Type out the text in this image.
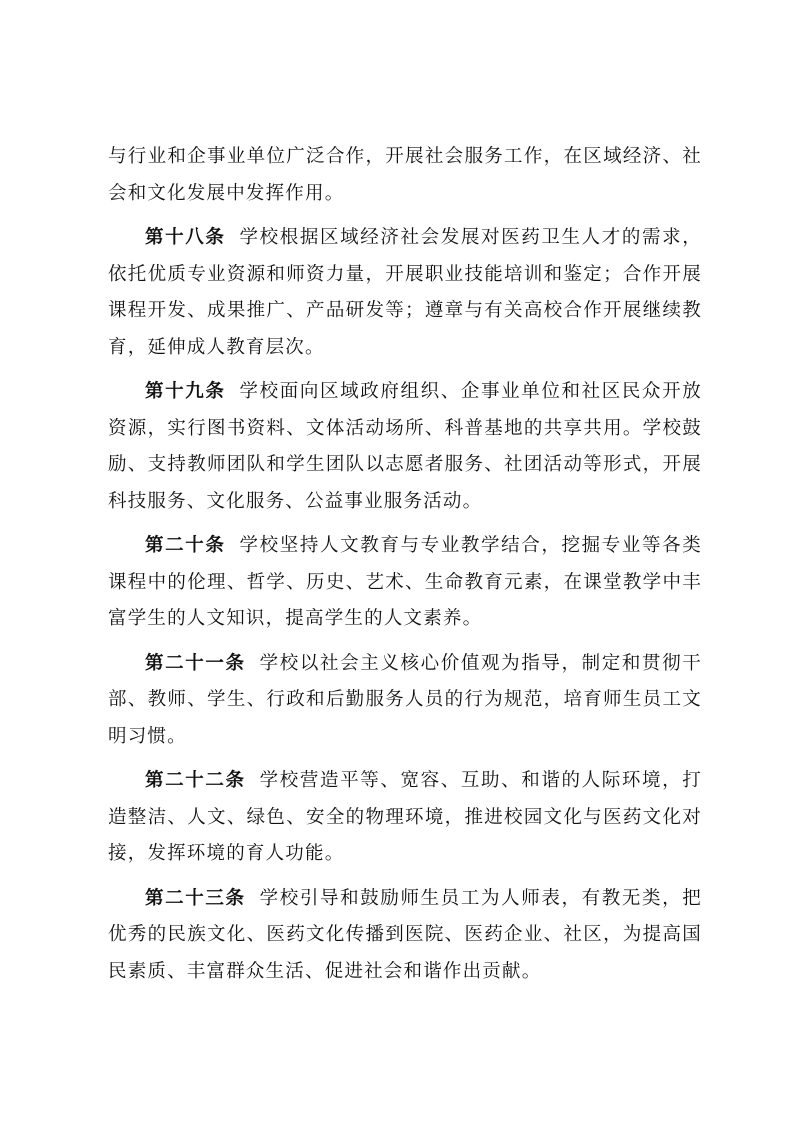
与行业和企事业单位广泛合作，开展社会服务工作，在区域经济、社会和文化发展中发挥作用。

第十八条 学校根据区域经济社会发展对医药卫生人才的需求，依托优质专业资源和师资力量，开展职业技能培训和鉴定；合作开展课程开发、成果推广、产品研发等；遵章与有关高校合作开展继续教育，延伸成人教育层次。

第十九条 学校面向区域政府组织、企事业单位和社区民众开放资源，实行图书资料、文体活动场所、科普基地的共享共用。学校鼓励、支持教师团队和学生团队以志愿者服务、社团活动等形式，开展科技服务、文化服务、公益事业服务活动。

第二十条 学校坚持人文教育与专业教学结合，挖掘专业等各类课程中的伦理、哲学、历史、艺术、生命教育元素，在课堂教学中丰富学生的人文知识，提高学生的人文素养。

第二十一条 学校以社会主义核心价值观为指导，制定和贯彻干部、教师、学生、行政和后勤服务人员的行为规范，培育师生员工文明习惯。

第二十二条 学校营造平等、宽容、互助、和谐的人际环境，打造整洁、人文、绿色、安全的物理环境，推进校园文化与医药文化对接，发挥环境的育人功能。

第二十三条 学校引导和鼓励师生员工为人师表，有教无类，把优秀的民族文化、医药文化传播到医院、医药企业、社区，为提高国民素质、丰富群众生活、促进社会和谐作出贡献。
